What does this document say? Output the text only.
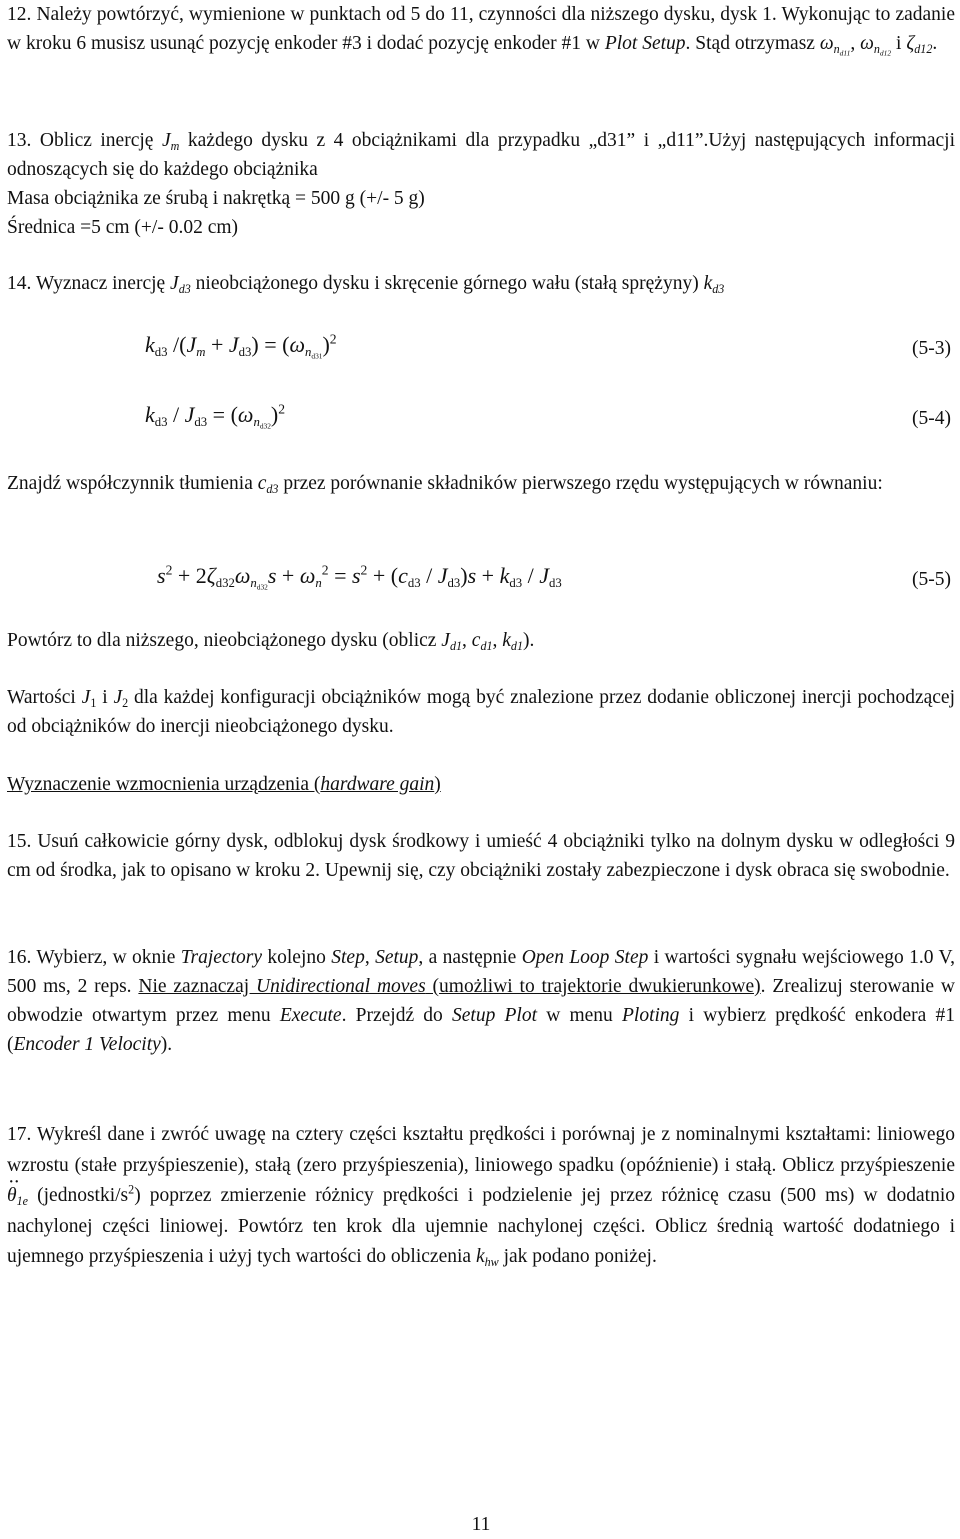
12. Należy powtórzyć, wymienione w punktach od 5 do 11, czynności dla niższego dysku, dysk 1. Wykonując to zadanie w kroku 6 musisz usunąć pozycję enkoder #3 i dodać pozycję enkoder #1 w Plot Setup. Stąd otrzymasz $\omega_{n_{d11}}$, $\omega_{n_{d12}}$ i $\zeta_{d12}$.

13. Oblicz inercję $J_m$ każdego dysku z 4 obciążnikami dla przypadku „d31” i „d11”.Użyj następujących informacji odnoszących się do każdego obciążnika

Masa obciążnika ze śrubą i nakrętką = 500 g (+/- 5 g)

Średnica =5 cm (+/- 0.02 cm)

14. Wyznacz inercję $J_{d3}$ nieobciążonego dysku i skręcenie górnego wału (stałą sprężyny) $k_{d3}$

$k_{d3}$ $/(J_m + J_{d3}) = (\omega_{n_{d31}})^2$	(5-3)
$k_{d3} / J_{d3} = (\omega_{n_{d32}})^2$	(5-4)

Znajdź współczynnik tłumienia $c_{d3}$ przez porównanie składników pierwszego rzędu występujących w równaniu:

$s^2 + 2\zeta_{d32}\omega_{n_{d32}}s + \omega_n^2 = s^2 + (c_{d3} / J_{d3})s + k_{d3} / J_{d3}$	(5-5)

Powtórz to dla niższego, nieobciążonego dysku (oblicz $J_{d1}$, $c_{d1}$, $k_{d1}$).

Wartości $J_1$ i $J_2$ dla każdej konfiguracji obciążników mogą być znalezione przez dodanie obliczonej inercji pochodzącej od obciążników do inercji nieobciążonego dysku.

Wyznaczenie wzmocnienia urządzenia (hardware gain)

15. Usuń całkowicie górny dysk, odblokuj dysk środkowy i umieść 4 obciążniki tylko na dolnym dysku w odległości 9 cm od środka, jak to opisano w kroku 2. Upewnij się, czy obciążniki zostały zabezpieczone i dysk obraca się swobodnie.

16. Wybierz, w oknie Trajectory kolejno Step, Setup, a następnie Open Loop Step i wartości sygnału wejściowego 1.0 V, 500 ms, 2 reps. Nie zaznaczaj Unidirectional moves (umożliwi to trajektorie dwukierunkowe). Zrealizuj sterowanie w obwodzie otwartym przez menu Execute. Przejdź do Setup Plot w menu Ploting i wybierz prędkość enkodera #1 (Encoder 1 Velocity).

17. Wykreśl dane i zwróć uwagę na cztery części kształtu prędkości i porównaj je z nominalnymi kształtami: liniowego wzrostu (stałe przyśpieszenie), stałą (zero przyśpieszenia), liniowego spadku (opóźnienie) i stałą. Oblicz przyśpieszenie ·· $\theta_{1e}$ $(jednostki/s^2)$ poprzez zmierzenie różnicy prędkości i podzielenie jej przez różnicę czasu (500 ms) w dodatnio nachylonej części liniowej. Powtórz ten krok dla ujemnie nachylonej części. Oblicz średnią wartość dodatniego i ujemnego przyśpieszenia i użyj tych wartości do obliczenia $k_{hw}$ jak podano poniżej.

11
